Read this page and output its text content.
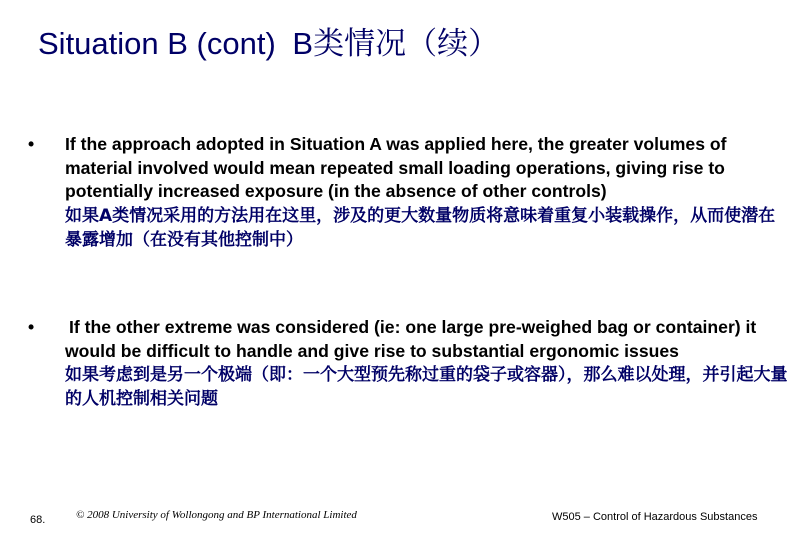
Situation B (cont) B类情况（续）
• If the approach adopted in Situation A was applied here, the greater volumes of material involved would mean repeated small loading operations, giving rise to potentially increased exposure (in the absence of other controls)
如果A类情况采用的方法用在这里，涉及的更大数量物质将意味着重复小装载操作，从而使潜在暴露增加（在没有其他控制中）
• If the other extreme was considered (ie: one large pre-weighed bag or container) it would be difficult to handle and give rise to substantial ergonomic issues
如果考虑到是另一个极端（即：一个大型预先称过重的袋子或容器），那么难以处理，并引起大量的人机控制相关问题
68.	© 2008 University of Wollongong and BP International Limited	W505 – Control of Hazardous Substances
